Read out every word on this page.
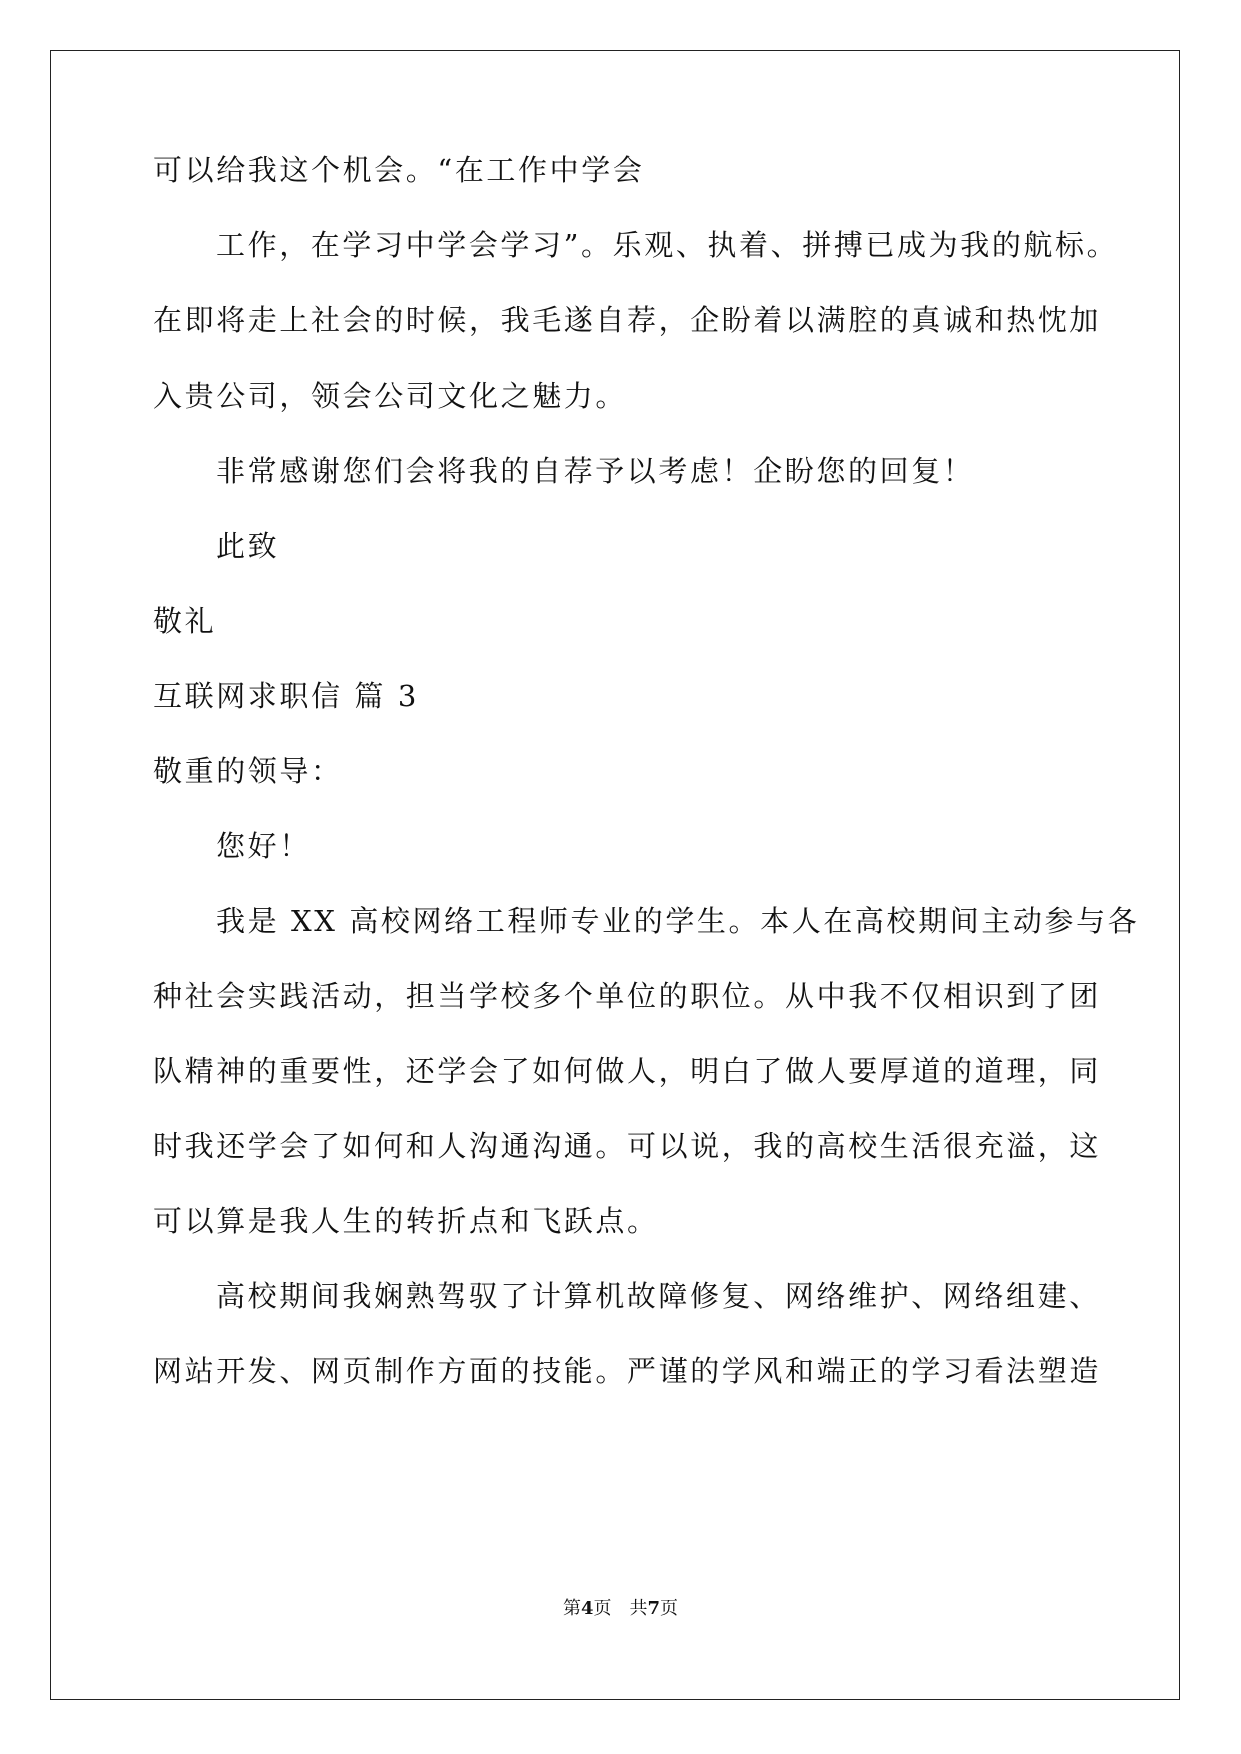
可以给我这个机会。“在工作中学会
工作，在学习中学会学习”。乐观、执着、拼搏已成为我的航标。
在即将走上社会的时候，我毛遂自荐，企盼着以满腔的真诚和热忱加
入贵公司，领会公司文化之魅力。
非常感谢您们会将我的自荐予以考虑！企盼您的回复！
此致
敬礼
互联网求职信 篇 3
敬重的领导：
您好！
我是 XX 高校网络工程师专业的学生。本人在高校期间主动参与各
种社会实践活动，担当学校多个单位的职位。从中我不仅相识到了团
队精神的重要性，还学会了如何做人，明白了做人要厚道的道理，同
时我还学会了如何和人沟通沟通。可以说，我的高校生活很充溢，这
可以算是我人生的转折点和飞跃点。
高校期间我娴熟驾驭了计算机故障修复、网络维护、网络组建、
网站开发、网页制作方面的技能。严谨的学风和端正的学习看法塑造
第4页 共7页
